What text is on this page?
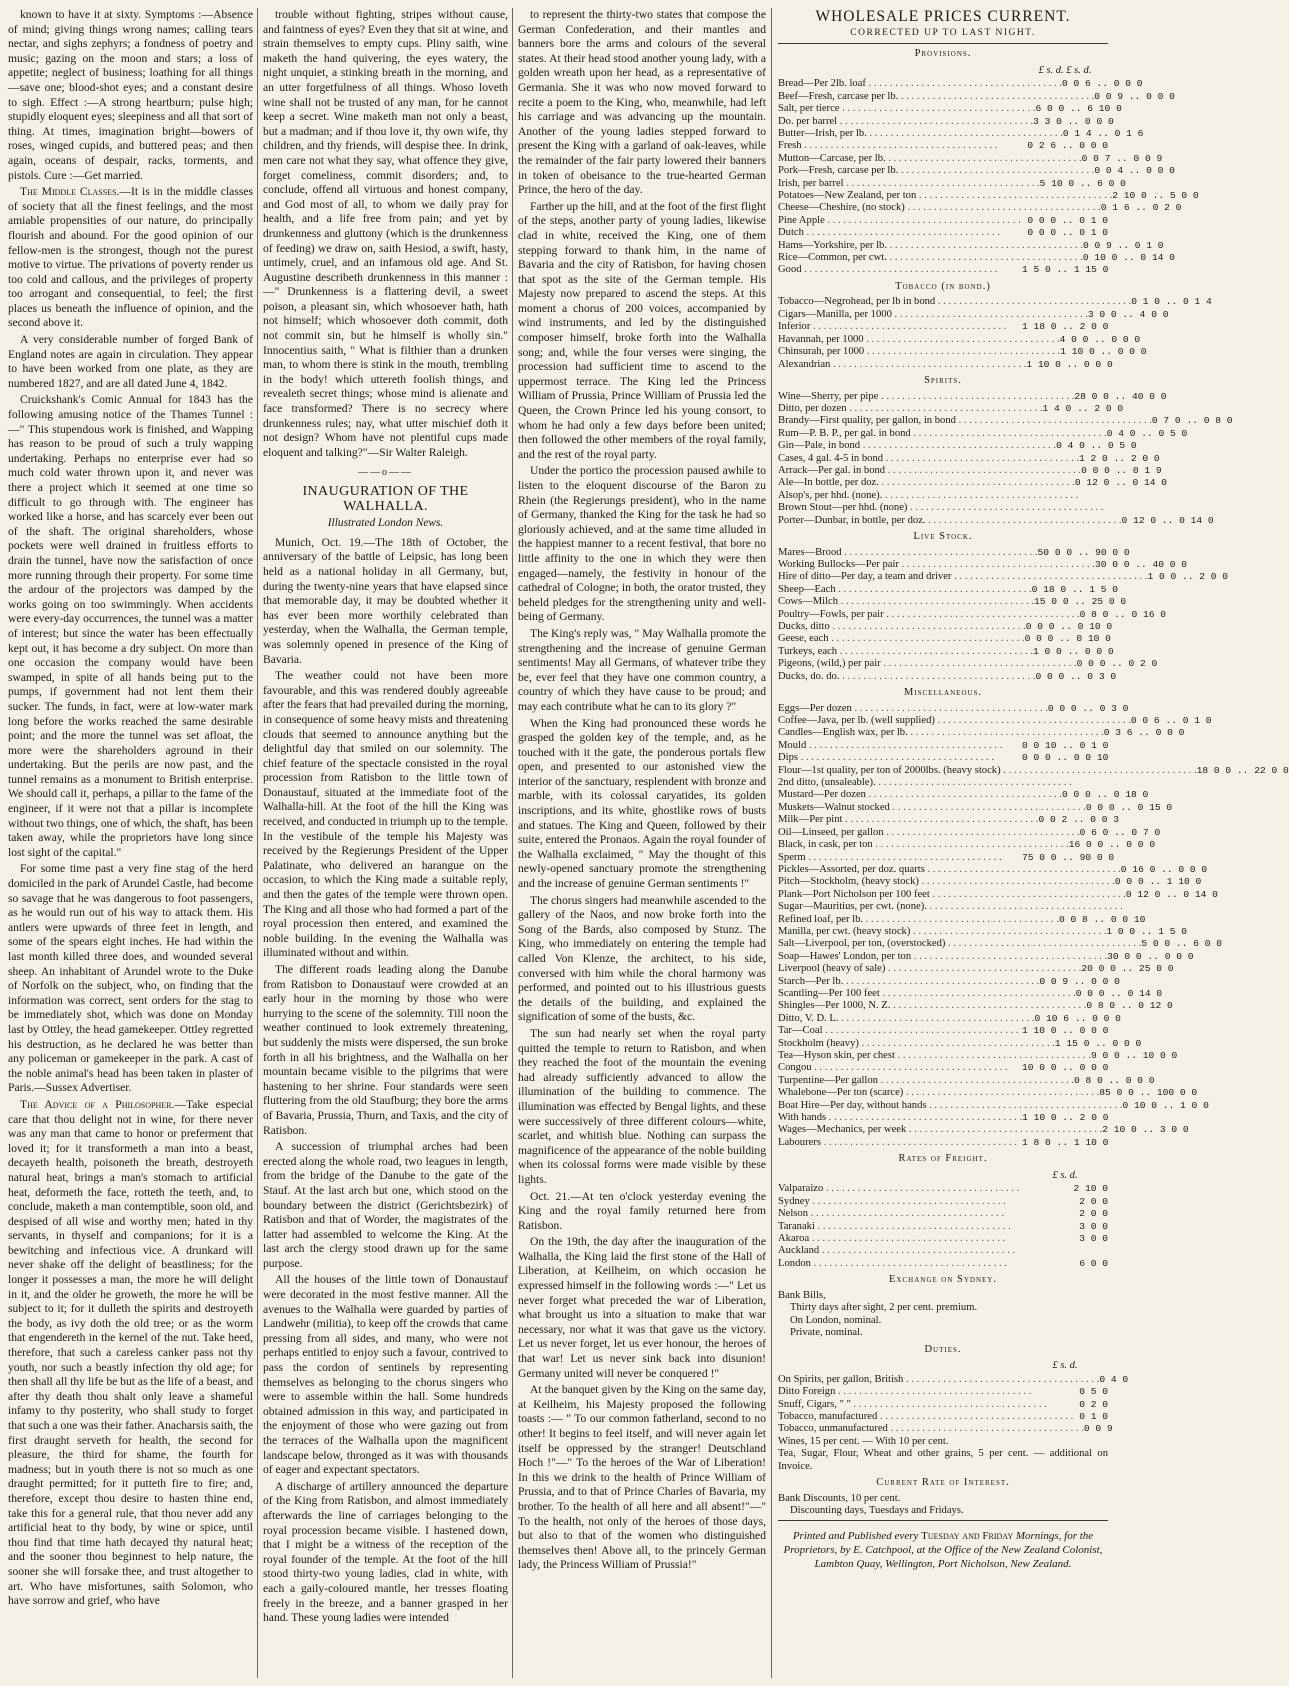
known to have it at sixty. Symptoms :—Absence of mind; giving things wrong names; calling tears nectar, and sighs zephyrs; a fondness of poetry and music; gazing on the moon and stars; a loss of appetite; neglect of business; loathing for all things—save one; blood-shot eyes; and a constant desire to sigh. Effect :—A strong heartburn; pulse high; stupidly eloquent eyes; sleepiness and all that sort of thing. At times, imagination bright—bowers of roses, winged cupids, and buttered peas; and then again, oceans of despair, racks, torments, and pistols. Cure :—Get married.

The Middle Classes.—It is in the middle classes of society that all the finest feelings, and the most amiable propensities of our nature, do principally flourish and abound. For the good opinion of our fellow-men is the strongest, though not the purest motive to virtue. The privations of poverty render us too cold and callous, and the privileges of property too arrogant and consequential, to feel; the first places us beneath the influence of opinion, and the second above it.

A very considerable number of forged Bank of England notes are again in circulation. They appear to have been worked from one plate, as they are numbered 1827, and are all dated June 4, 1842.

Cruickshank's Comic Annual for 1843 has the following amusing notice of the Thames Tunnel :—" This stupendous work is finished, and Wapping has reason to be proud of such a truly wapping undertaking. Perhaps no enterprise ever had so much cold water thrown upon it, and never was there a project which it seemed at one time so difficult to go through with. The engineer has worked like a horse, and has scarcely ever been out of the shaft. The original shareholders, whose pockets were well drained in fruitless efforts to drain the tunnel, have now the satisfaction of once more running through their property. For some time the ardour of the projectors was damped by the works going on too swimmingly. When accidents were every-day occurrences, the tunnel was a matter of interest; but since the water has been effectually kept out, it has become a dry subject. On more than one occasion the company would have been swamped, in spite of all hands being put to the pumps, if government had not lent them their sucker. The funds, in fact, were at low-water mark long before the works reached the same desirable point; and the more the tunnel was set afloat, the more were the shareholders aground in their undertaking. But the perils are now past, and the tunnel remains as a monument to British enterprise. We should call it, perhaps, a pillar to the fame of the engineer, if it were not that a pillar is incomplete without two things, one of which, the shaft, has been taken away, while the proprietors have long since lost sight of the capital."

For some time past a very fine stag of the herd domiciled in the park of Arundel Castle, had become so savage that he was dangerous to foot passengers, as he would run out of his way to attack them. His antlers were upwards of three feet in length, and some of the spears eight inches. He had within the last month killed three does, and wounded several sheep. An inhabitant of Arundel wrote to the Duke of Norfolk on the subject, who, on finding that the information was correct, sent orders for the stag to be immediately shot, which was done on Monday last by Ottley, the head gamekeeper. Ottley regretted his destruction, as he declared he was better than any policeman or gamekeeper in the park. A cast of the noble animal's head has been taken in plaster of Paris.—Sussex Advertiser.

The Advice of a Philosopher.—Take especial care that thou delight not in wine, for there never was any man that came to honor or preferment that loved it; for it transformeth a man into a beast, decayeth health, poisoneth the breath, destroyeth natural heat, brings a man's stomach to artificial heat, deformeth the face, rotteth the teeth, and, to conclude, maketh a man contemptible, soon old, and despised of all wise and worthy men; hated in thy servants, in thyself and companions; for it is a bewitching and infectious vice. A drunkard will never shake off the delight of beastliness; for the longer it possesses a man, the more he will delight in it, and the older he groweth, the more he will be subject to it; for it dulleth the spirits and destroyeth the body, as ivy doth the old tree; or as the worm that engendereth in the kernel of the nut. Take heed, therefore, that such a careless canker pass not thy youth, nor such a beastly infection thy old age; for then shall all thy life be but as the life of a beast, and after thy death thou shalt only leave a shameful infamy to thy posterity, who shall study to forget that such a one was their father. Anacharsis saith, the first draught serveth for health, the second for pleasure, the third for shame, the fourth for madness; but in youth there is not so much as one draught permitted; for it putteth fire to fire; and, therefore, except thou desire to hasten thine end, take this for a general rule, that thou never add any artificial heat to thy body, by wine or spice, until thou find that time hath decayed thy natural heat; and the sooner thou beginnest to help nature, the sooner she will forsake thee, and trust altogether to art. Who have misfortunes, saith Solomon, who have sorrow and grief, who have

trouble without fighting, stripes without cause, and faintness of eyes? Even they that sit at wine, and strain themselves to empty cups. Pliny saith, wine maketh the hand quivering, the eyes watery, the night unquiet, a stinking breath in the morning, and an utter forgetfulness of all things. Whoso loveth wine shall not be trusted of any man, for he cannot keep a secret. Wine maketh man not only a beast, but a madman; and if thou love it, thy own wife, thy children, and thy friends, will despise thee. In drink, men care not what they say, what offence they give, forget comeliness, commit disorders; and, to conclude, offend all virtuous and honest company, and God most of all, to whom we daily pray for health, and a life free from pain; and yet by drunkenness and gluttony (which is the drunkenness of feeding) we draw on, saith Hesiod, a swift, hasty, untimely, cruel, and an infamous old age. And St. Augustine describeth drunkenness in this manner :—" Drunkenness is a flattering devil, a sweet poison, a pleasant sin, which whosoever hath, hath not himself; which whosoever doth commit, doth not commit sin, but he himself is wholly sin." Innocentius saith, " What is filthier than a drunken man, to whom there is stink in the mouth, trembling in the body! which uttereth foolish things, and revealeth secret things; whose mind is alienate and face transformed? There is no secrecy where drunkenness rules; nay, what utter mischief doth it not design? Whom have not plentiful cups made eloquent and talking?"—Sir Walter Raleigh.

——o——
INAUGURATION OF THE WALHALLA.
Illustrated London News.

Munich, Oct. 19.—The 18th of October, the anniversary of the battle of Leipsic, has long been held as a national holiday in all Germany, but, during the twenty-nine years that have elapsed since that memorable day, it may be doubted whether it has ever been more worthily celebrated than yesterday, when the Walhalla, the German temple, was solemnly opened in presence of the King of Bavaria.

The weather could not have been more favourable, and this was rendered doubly agreeable after the fears that had prevailed during the morning, in consequence of some heavy mists and threatening clouds that seemed to announce anything but the delightful day that smiled on our solemnity. The chief feature of the spectacle consisted in the royal procession from Ratisbon to the little town of Donaustauf, situated at the immediate foot of the Walhalla-hill. At the foot of the hill the King was received, and conducted in triumph up to the temple. In the vestibule of the temple his Majesty was received by the Regierungs President of the Upper Palatinate, who delivered an harangue on the occasion, to which the King made a suitable reply, and then the gates of the temple were thrown open. The King and all those who had formed a part of the royal procession then entered, and examined the noble building. In the evening the Walhalla was illuminated without and within.

The different roads leading along the Danube from Ratisbon to Donaustauf were crowded at an early hour in the morning by those who were hurrying to the scene of the solemnity. Till noon the weather continued to look extremely threatening, but suddenly the mists were dispersed, the sun broke forth in all his brightness, and the Walhalla on her mountain became visible to the pilgrims that were hastening to her shrine. Four standards were seen fluttering from the old Staufburg; they bore the arms of Bavaria, Prussia, Thurn, and Taxis, and the city of Ratisbon.

A succession of triumphal arches had been erected along the whole road, two leagues in length, from the bridge of the Danube to the gate of the Stauf. At the last arch but one, which stood on the boundary between the district (Gerichtsbezirk) of Ratisbon and that of Worder, the magistrates of the latter had assembled to welcome the King. At the last arch the clergy stood drawn up for the same purpose.

All the houses of the little town of Donaustauf were decorated in the most festive manner. All the avenues to the Walhalla were guarded by parties of Landwehr (militia), to keep off the crowds that came pressing from all sides, and many, who were not perhaps entitled to enjoy such a favour, contrived to pass the cordon of sentinels by representing themselves as belonging to the chorus singers who were to assemble within the hall. Some hundreds obtained admission in this way, and participated in the enjoyment of those who were gazing out from the terraces of the Walhalla upon the magnificent landscape below, thronged as it was with thousands of eager and expectant spectators.

A discharge of artillery announced the departure of the King from Ratisbon, and almost immediately afterwards the line of carriages belonging to the royal procession became visible. I hastened down, that I might be a witness of the reception of the royal founder of the temple. At the foot of the hill stood thirty-two young ladies, clad in white, with each a gaily-coloured mantle, her tresses floating freely in the breeze, and a banner grasped in her hand. These young ladies were intended

to represent the thirty-two states that compose the German Confederation, and their mantles and banners bore the arms and colours of the several states. At their head stood another young lady, with a golden wreath upon her head, as a representative of Germania. She it was who now moved forward to recite a poem to the King, who, meanwhile, had left his carriage and was advancing up the mountain. Another of the young ladies stepped forward to present the King with a garland of oak-leaves, while the remainder of the fair party lowered their banners in token of obeisance to the true-hearted German Prince, the hero of the day.

Farther up the hill, and at the foot of the first flight of the steps, another party of young ladies, likewise clad in white, received the King, one of them stepping forward to thank him, in the name of Bavaria and the city of Ratisbon, for having chosen that spot as the site of the German temple. His Majesty now prepared to ascend the steps. At this moment a chorus of 200 voices, accompanied by wind instruments, and led by the distinguished composer himself, broke forth into the Walhalla song; and, while the four verses were singing, the procession had sufficient time to ascend to the uppermost terrace. The King led the Princess William of Prussia, Prince William of Prussia led the Queen, the Crown Prince led his young consort, to whom he had only a few days before been united; then followed the other members of the royal family, and the rest of the royal party.

Under the portico the procession paused awhile to listen to the eloquent discourse of the Baron zu Rhein (the Regierungs president), who in the name of Germany, thanked the King for the task he had so gloriously achieved, and at the same time alluded in the happiest manner to a recent festival, that bore no little affinity to the one in which they were then engaged—namely, the festivity in honour of the cathedral of Cologne; in both, the orator trusted, they beheld pledges for the strengthening unity and well-being of Germany.

The King's reply was, " May Walhalla promote the strengthening and the increase of genuine German sentiments! May all Germans, of whatever tribe they be, ever feel that they have one common country, a country of which they have cause to be proud; and may each contribute what he can to its glory ?"

When the King had pronounced these words he grasped the golden key of the temple, and, as he touched with it the gate, the ponderous portals flew open, and presented to our astonished view the interior of the sanctuary, resplendent with bronze and marble, with its colossal caryatides, its golden inscriptions, and its white, ghostlike rows of busts and statues. The King and Queen, followed by their suite, entered the Pronaos. Again the royal founder of the Walhalla exclaimed, " May the thought of this newly-opened sanctuary promote the strengthening and the increase of genuine German sentiments !"

The chorus singers had meanwhile ascended to the gallery of the Naos, and now broke forth into the Song of the Bards, also composed by Stunz. The King, who immediately on entering the temple had called Von Klenze, the architect, to his side, conversed with him while the choral harmony was performed, and pointed out to his illustrious guests the details of the building, and explained the signification of some of the busts, &c.

The sun had nearly set when the royal party quitted the temple to return to Ratisbon, and when they reached the foot of the mountain the evening had already sufficiently advanced to allow the illumination of the building to commence. The illumination was effected by Bengal lights, and these were successively of three different colours—white, scarlet, and whitish blue. Nothing can surpass the magnificence of the appearance of the noble building when its colossal forms were made visible by these lights.

Oct. 21.—At ten o'clock yesterday evening the King and the royal family returned here from Ratisbon.

On the 19th, the day after the inauguration of the Walhalla, the King laid the first stone of the Hall of Liberation, at Keilheim, on which occasion he expressed himself in the following words :—" Let us never forget what preceded the war of Liberation, what brought us into a situation to make that war necessary, nor what it was that gave us the victory. Let us never forget, let us ever honour, the heroes of that war! Let us never sink back into disunion! Germany united will never be conquered !"

At the banquet given by the King on the same day, at Keilheim, his Majesty proposed the following toasts :— " To our common fatherland, second to no other! It begins to feel itself, and will never again let itself be oppressed by the stranger! Deutschland Hoch !"—" To the heroes of the War of Liberation! In this we drink to the health of Prince William of Prussia, and to that of Prince Charles of Bavaria, my brother. To the health of all here and all absent!"—" To the health, not only of the heroes of those days, but also to that of the women who distinguished themselves then! Above all, to the princely German lady, the Princess William of Prussia!"

WHOLESALE PRICES CURRENT.
CORRECTED UP TO LAST NIGHT.
Provisions.
£ s. d. £ s. d.
Bread—Per 2lb. loaf . . .	0 0 6 .. 0 0 0
Beef—Fresh, carcase per lb. . . .	0 0 9 .. 0 0 0
Salt, per tierce . . .	6 0 0 .. 6 10 0
Do. per barrel . . .	3 3 0 .. 0 0 0
Butter—Irish, per lb. . . .	0 1 4 .. 0 1 6
Fresh . . .	0 2 6 .. 0 0 0
Mutton—Carcase, per lb. . . .	0 0 7 .. 0 0 9
Pork—Fresh, carcase per lb. . . .	0 0 4 .. 0 0 0
Irish, per barrel . . .	5 10 0 .. 6 0 0
Potatoes—New Zealand, per ton . . .	2 10 0 .. 5 0 0
Cheese—Cheshire, (no stock) . . .	0 1 6 .. 0 2 0
Pine Apple . . .	0 0 0 .. 0 1 0
Dutch . . .	0 0 0 .. 0 1 0
Hams—Yorkshire, per lb. . . .	0 0 9 .. 0 1 0
Rice—Common, per cwt. . . .	0 10 0 .. 0 14 0
Good . . .	1 5 0 .. 1 15 0
Tobacco (in bond.)
Tobacco—Negrohead, per lb in bond . . .	0 1 0 .. 0 1 4
Cigars—Manilla, per 1000 . . .	3 0 0 .. 4 0 0
Inferior . . .	1 18 0 .. 2 0 0
Havannah, per 1000 . . .	4 0 0 .. 0 0 0
Chinsurah, per 1000 . . .	1 10 0 .. 0 0 0
Alexandrian . . .	1 10 0 .. 0 0 0
Spirits.
Wine—Sherry, per pipe . . .	28 0 0 .. 40 0 0
Ditto, per dozen . . .	1 4 0 .. 2 0 0
Brandy—First quality, per gallon, in bond . . .	0 7 0 .. 0 8 0
Rum—P. B. P., per gal. in bond . . .	0 4 0 .. 0 5 0
Gin—Pale, in bond . . .	0 4 0 .. 0 5 0
Cases, 4 gal. 4-5 in bond . . .	1 2 0 .. 2 0 0
Arrack—Per gal. in bond . . .	0 0 0 .. 0 1 9
Ale—In bottle, per doz. . . .	0 12 0 .. 0 14 0
Alsop's, per hhd. (none). . . .
Brown Stout—per hhd. (none) . . .
Porter—Dunbar, in bottle, per doz. . . .	0 12 0 .. 0 14 0
Live Stock.
Mares—Brood . . .	50 0 0 .. 90 0 0
Working Bullocks—Per pair . . .	30 0 0 .. 40 0 0
Hire of ditto—Per day, a team and driver . . .	1 0 0 .. 2 0 0
Sheep—Each . . .	0 18 0 .. 1 5 0
Cows—Milch . . .	15 0 0 .. 25 0 0
Poultry—Fowls, per pair . . .	0 8 0 .. 0 16 0
Ducks, ditto . . .	0 0 0 .. 0 10 0
Geese, each . . .	0 0 0 .. 0 10 0
Turkeys, each . . .	1 0 0 .. 0 0 0
Pigeons, (wild,) per pair . . .	0 0 0 .. 0 2 0
Ducks, do. do. . . .	0 0 0 .. 0 3 0
Miscellaneous.
Eggs—Per dozen . . .	0 0 0 .. 0 3 0
Coffee—Java, per lb. (well supplied) . . .	0 0 6 .. 0 1 0
Candles—English wax, per lb. . . .	0 3 6 .. 0 0 0
Mould . . .	0 0 10 .. 0 1 0
Dips . . .	0 0 0 .. 0 0 10
Flour—1st quality, per ton of 2000lbs. (heavy stock) . . .	18 0 0 .. 22 0 0
2nd ditto, (unsaleable). . . .
Mustard—Per dozen . . .	0 0 0 .. 0 18 0
Muskets—Walnut stocked . . .	0 0 0 .. 0 15 0
Milk—Per pint . . .	0 0 2 .. 0 0 3
Oil—Linseed, per gallon . . .	0 6 0 .. 0 7 0
Black, in cask, per ton . . .	16 0 0 .. 0 0 0
Sperm . . .	75 0 0 .. 90 0 0
Pickles—Assorted, per doz. quarts . . .	0 16 0 .. 0 0 0
Pitch—Stockholm, (heavy stock) . . .	0 0 0 .. 1 10 0
Plank—Port Nicholson per 100 feet . . .	0 12 0 .. 0 14 0
Sugar—Mauritius, per cwt. (none). . . .
Refined loaf, per lb. . . .	0 0 8 .. 0 0 10
Manilla, per cwt. (heavy stock) . . .	1 0 0 .. 1 5 0
Salt—Liverpool, per ton, (overstocked) . . .	5 0 0 .. 6 0 0
Soap—Hawes' London, per ton . . .	30 0 0 .. 0 0 0
Liverpool (heavy of sale) . . .	20 0 0 .. 25 0 0
Starch—Per lb. . . .	0 0 9 .. 0 0 0
Scantling—Per 100 feet . . .	0 0 0 .. 0 14 0
Shingles—Per 1000, N. Z. . . .	0 8 0 .. 0 12 0
Ditto, V. D. L. . . .	0 10 6 .. 0 0 0
Tar—Coal . . .	1 10 0 .. 0 0 0
Stockholm (heavy) . . .	1 15 0 .. 0 0 0
Tea—Hyson skin, per chest . . .	9 0 0 .. 10 0 0
Congou . . .	10 0 0 .. 0 0 0
Turpentine—Per gallon . . .	0 8 0 .. 0 0 0
Whalebone—Per ton (scarce) . . .	85 0 0 .. 100 0 0
Boat Hire—Per day, without hands . . .	0 10 0 .. 1 0 0
With hands . . .	1 10 0 .. 2 0 0
Wages—Mechanics, per week . . .	2 10 0 .. 3 0 0
Labourers . . .	1 8 0 .. 1 10 0
Rates of Freight.
£ s. d.
Valparaizo . . .	2 10 0
Sydney . . .	2 0 0
Nelson . . .	2 0 0
Taranaki . . .	3 0 0
Akaroa . . .	3 0 0
Auckland . . .
London . . .	6 0 0
Exchange on Sydney.
Bank Bills,
Thirty days after sight, 2 per cent. premium.
On London, nominal.
Private, nominal.
Duties.
£ s. d.
On Spirits, per gallon, British . . .	0 4 0
Ditto Foreign . . .	0 5 0
Snuff, Cigars, " " . . .	0 2 0
Tobacco, manufactured . . .	0 1 0
Tobacco, unmanufactured . . .	0 0 9
Wines, 15 per cent. — With 10 per cent.
Tea, Sugar, Flour, Wheat and other grains, 5 per cent. — additional on Invoice.
Current Rate of Interest.
Bank Discounts, 10 per cent.
Discounting days, Tuesdays and Fridays.
Printed and Published every Tuesday and Friday Mornings, for the Proprietors, by E. Catchpool, at the Office of the New Zealand Colonist, Lambton Quay, Wellington, Port Nicholson, New Zealand.
